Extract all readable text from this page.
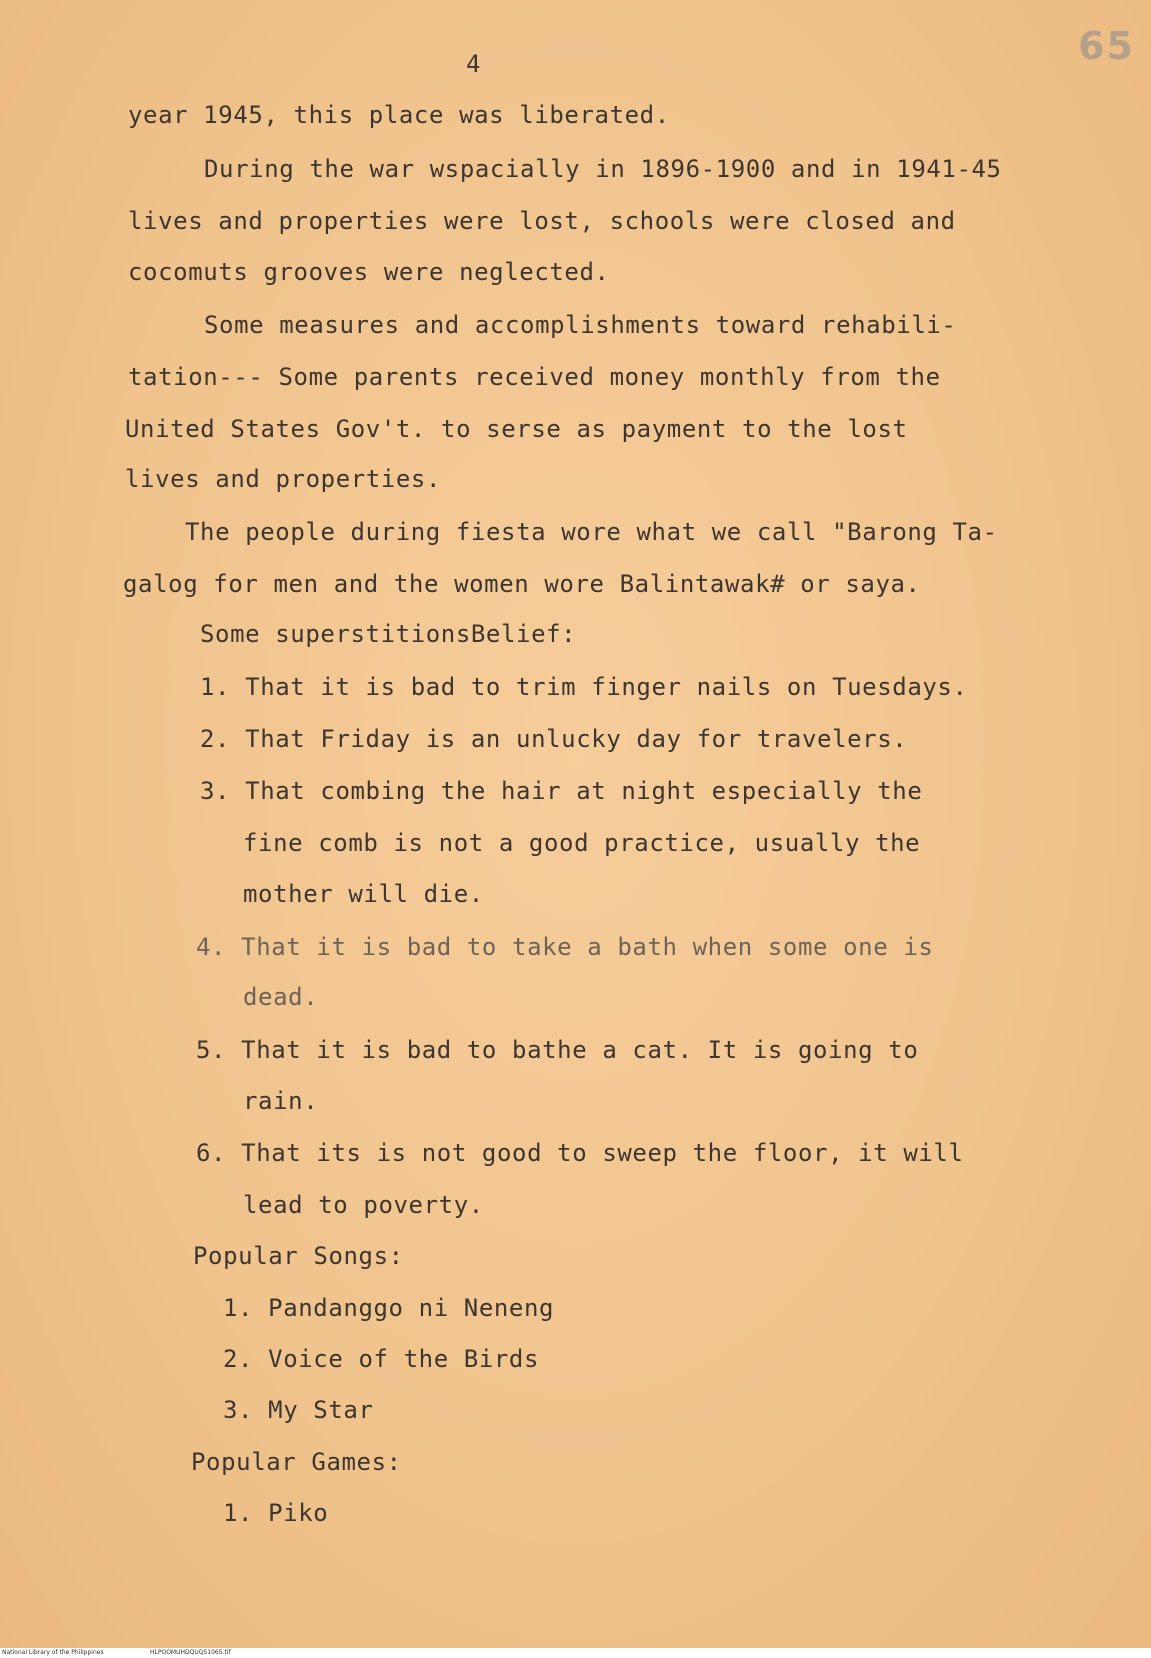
4	65
year 1945, this place was liberated.
During the war wspacially in 1896-1900 and in 1941-45
lives and properties were lost, schools were closed and
cocomuts grooves were neglected.
Some measures and accomplishments toward rehabili-
tation--- Some parents received money monthly from the
United States Gov't. to serse as payment to the lost
lives and properties.
The people during fiesta wore what we call "Barong Ta-
galog for men and the women wore Balintawak# or saya.
Some superstitionsBelief:
1. That it is bad to trim finger nails on Tuesdays.
2. That Friday is an unlucky day for travelers.
3. That combing the hair at night especially the
fine comb is not a good practice, usually the
mother will die.
4. That it is bad to take a bath when some one is
dead.
5. That it is bad to bathe a cat. It is going to
rain.
6. That its is not good to sweep the floor, it will
lead to poverty.
Popular Songs:
1. Pandanggo ni Neneng
2. Voice of the Birds
3. My Star
Popular Games:
1. Piko
National Library of the Philippines	HLPOOMUHDQUQ51065.tif
